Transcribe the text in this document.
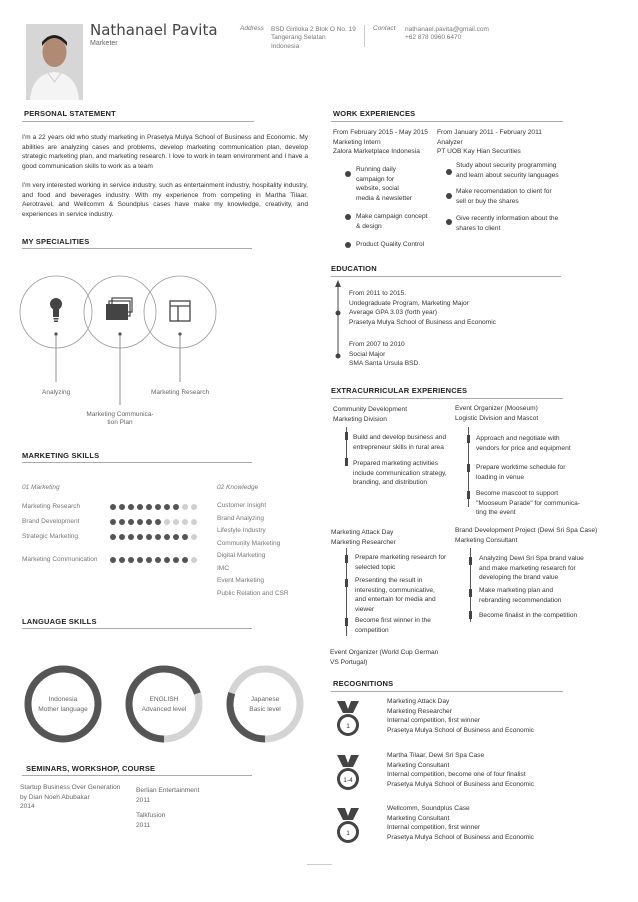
Nathanael Pavita
Marketer
Address BSD Giriloka 2 Blok O No. 19
Tangerang Selatan
Indonesia
Contact nathanael.pavita@gmail.com
+62 878 0960 6470
PERSONAL STATEMENT
I'm a 22 years old who study marketing in Prasetya Mulya School of Business and Economic. My abilities are analyzing cases and problems, develop marketing communication plan, develop strategic marketing plan, and marketing research. I love to work in team environment and I have a good communication skills to work as a team
I'm very interested working in service industry, such as entertainment industry, hospitality industry, and food and beverages industry. With my experience from competing in Martha Tilaar, Aerotravel, and Wellcomm & Soundplus cases have make my knowledge, creativity, and experiences in service industry.
MY SPECIALITIES
Analyzing
Marketing Communica-
tion Plan
Marketing Research
MARKETING SKILLS
01 Marketing	02 Knowledge
Marketing Research
Brand Development
Strategic Marketing
Marketing Communication
Customer Insight
Brand Analyzing
Lifestyle Industry
Community Marketing
Digital Marketing
IMC
Event Marketing
Public Relation and CSR
LANGUAGE SKILLS
Indonesia
Mother language
ENGLISH
Advanced level
Japanese
Basic level
SEMINARS, WORKSHOP, COURSE
Startup Business Over Generation
by Dian Noeh Abubakar
2014
Berlian Entertainment
2011
Talkfusion
2011
WORK EXPERIENCES
From February 2015 - May 2015
Marketing Intern
Zalora Marketplace Indonesia
From January 2011 - February 2011
Analyzer
PT UOB Kay Hian Securities
Running daily
campaign for
website, social
media & newsletter
Make campaign concept
& design
Product Quality Control
Study about security programming
and learn about security languages
Make recomendation to client for
sell or buy the shares
Give recently information about the
shares to client
EDUCATION
From 2011 to 2015.
Undegraduate Program, Marketing Major
Average GPA 3.03 (forth year)
Prasetya Mulya School of Business and Economic
From 2007 to 2010
Social Major
SMA Santa Ursula BSD.
EXTRACURRICULAR EXPERIENCES
Community Development
Marketing Division
Build and develop business and
entrepreneur skills in rural area
Prepared marketing activities
include communication strategy,
branding, and distribution
Event Organizer (Mooseum)
Logistic Division and Mascot
Approach and negotiate with
vendors for price and equipment
Prepare worktime schedule for
loading in venue
Become mascoot to support
"Mooseum Parade" for communica-
ting the event
Marketing Attack Day
Marketing Researcher
Prepare marketing research for
selected topic
Presenting the result in
interesting, communicative,
and entertain for media and
viewer
Become first winner in the
competition
Brand Development Project (Dewi Sri Spa Case)
Marketing Consultant
Analyzing Dewi Sri Spa brand value
and make marketing research for
developing the brand value
Make marketing plan and
rebranding recommendation
Become finalist in the competition
Event Organizer (World Cup German
VS Portugal)
RECOGNITIONS
1
Marketing Attack Day
Marketing Researcher
Internal competition, first winner
Prasetya Mulya School of Business and Economic
1-4
Martha Tilaar, Dewi Sri Spa Case
Marketing Consultant
Internal competition, become one of four finalist
Prasetya Mulya School of Business and Economic
1
Wellcomm, Soundplus Case
Marketing Consultant
Internal competition, first winner
Prasetya Mulya School of Business and Economic
